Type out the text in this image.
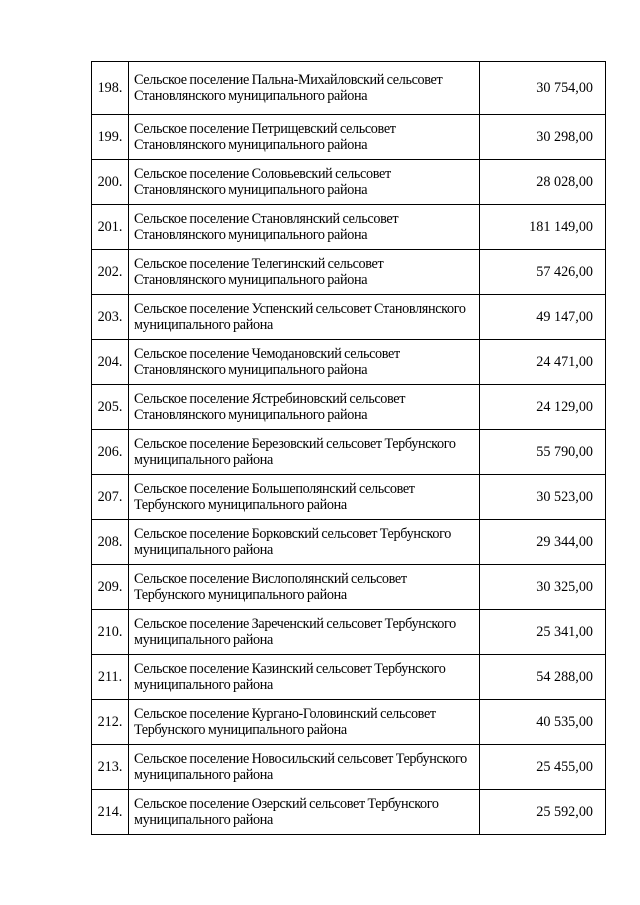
198.	Сельское поселение Пальна-Михайловский сельсовет Становлянского муниципального района	30 754,00
199.	Сельское поселение Петрищевский сельсовет Становлянского муниципального района	30 298,00
200.	Сельское поселение Соловьевский сельсовет Становлянского муниципального района	28 028,00
201.	Сельское поселение Становлянский сельсовет Становлянского муниципального района	181 149,00
202.	Сельское поселение Телегинский сельсовет Становлянского муниципального района	57 426,00
203.	Сельское поселение Успенский сельсовет Становлянского муниципального района	49 147,00
204.	Сельское поселение Чемодановский сельсовет Становлянского муниципального района	24 471,00
205.	Сельское поселение Ястребиновский сельсовет Становлянского муниципального района	24 129,00
206.	Сельское поселение Березовский сельсовет Тербунского муниципального района	55 790,00
207.	Сельское поселение Большеполянский сельсовет Тербунского муниципального района	30 523,00
208.	Сельское поселение Борковский сельсовет Тербунского муниципального района	29 344,00
209.	Сельское поселение Вислополянский сельсовет Тербунского муниципального района	30 325,00
210.	Сельское поселение Зареченский сельсовет Тербунского муниципального района	25 341,00
211.	Сельское поселение Казинский сельсовет Тербунского муниципального района	54 288,00
212.	Сельское поселение Кургано-Головинский сельсовет Тербунского муниципального района	40 535,00
213.	Сельское поселение Новосильский сельсовет Тербунского муниципального района	25 455,00
214.	Сельское поселение Озерский сельсовет Тербунского муниципального района	25 592,00
